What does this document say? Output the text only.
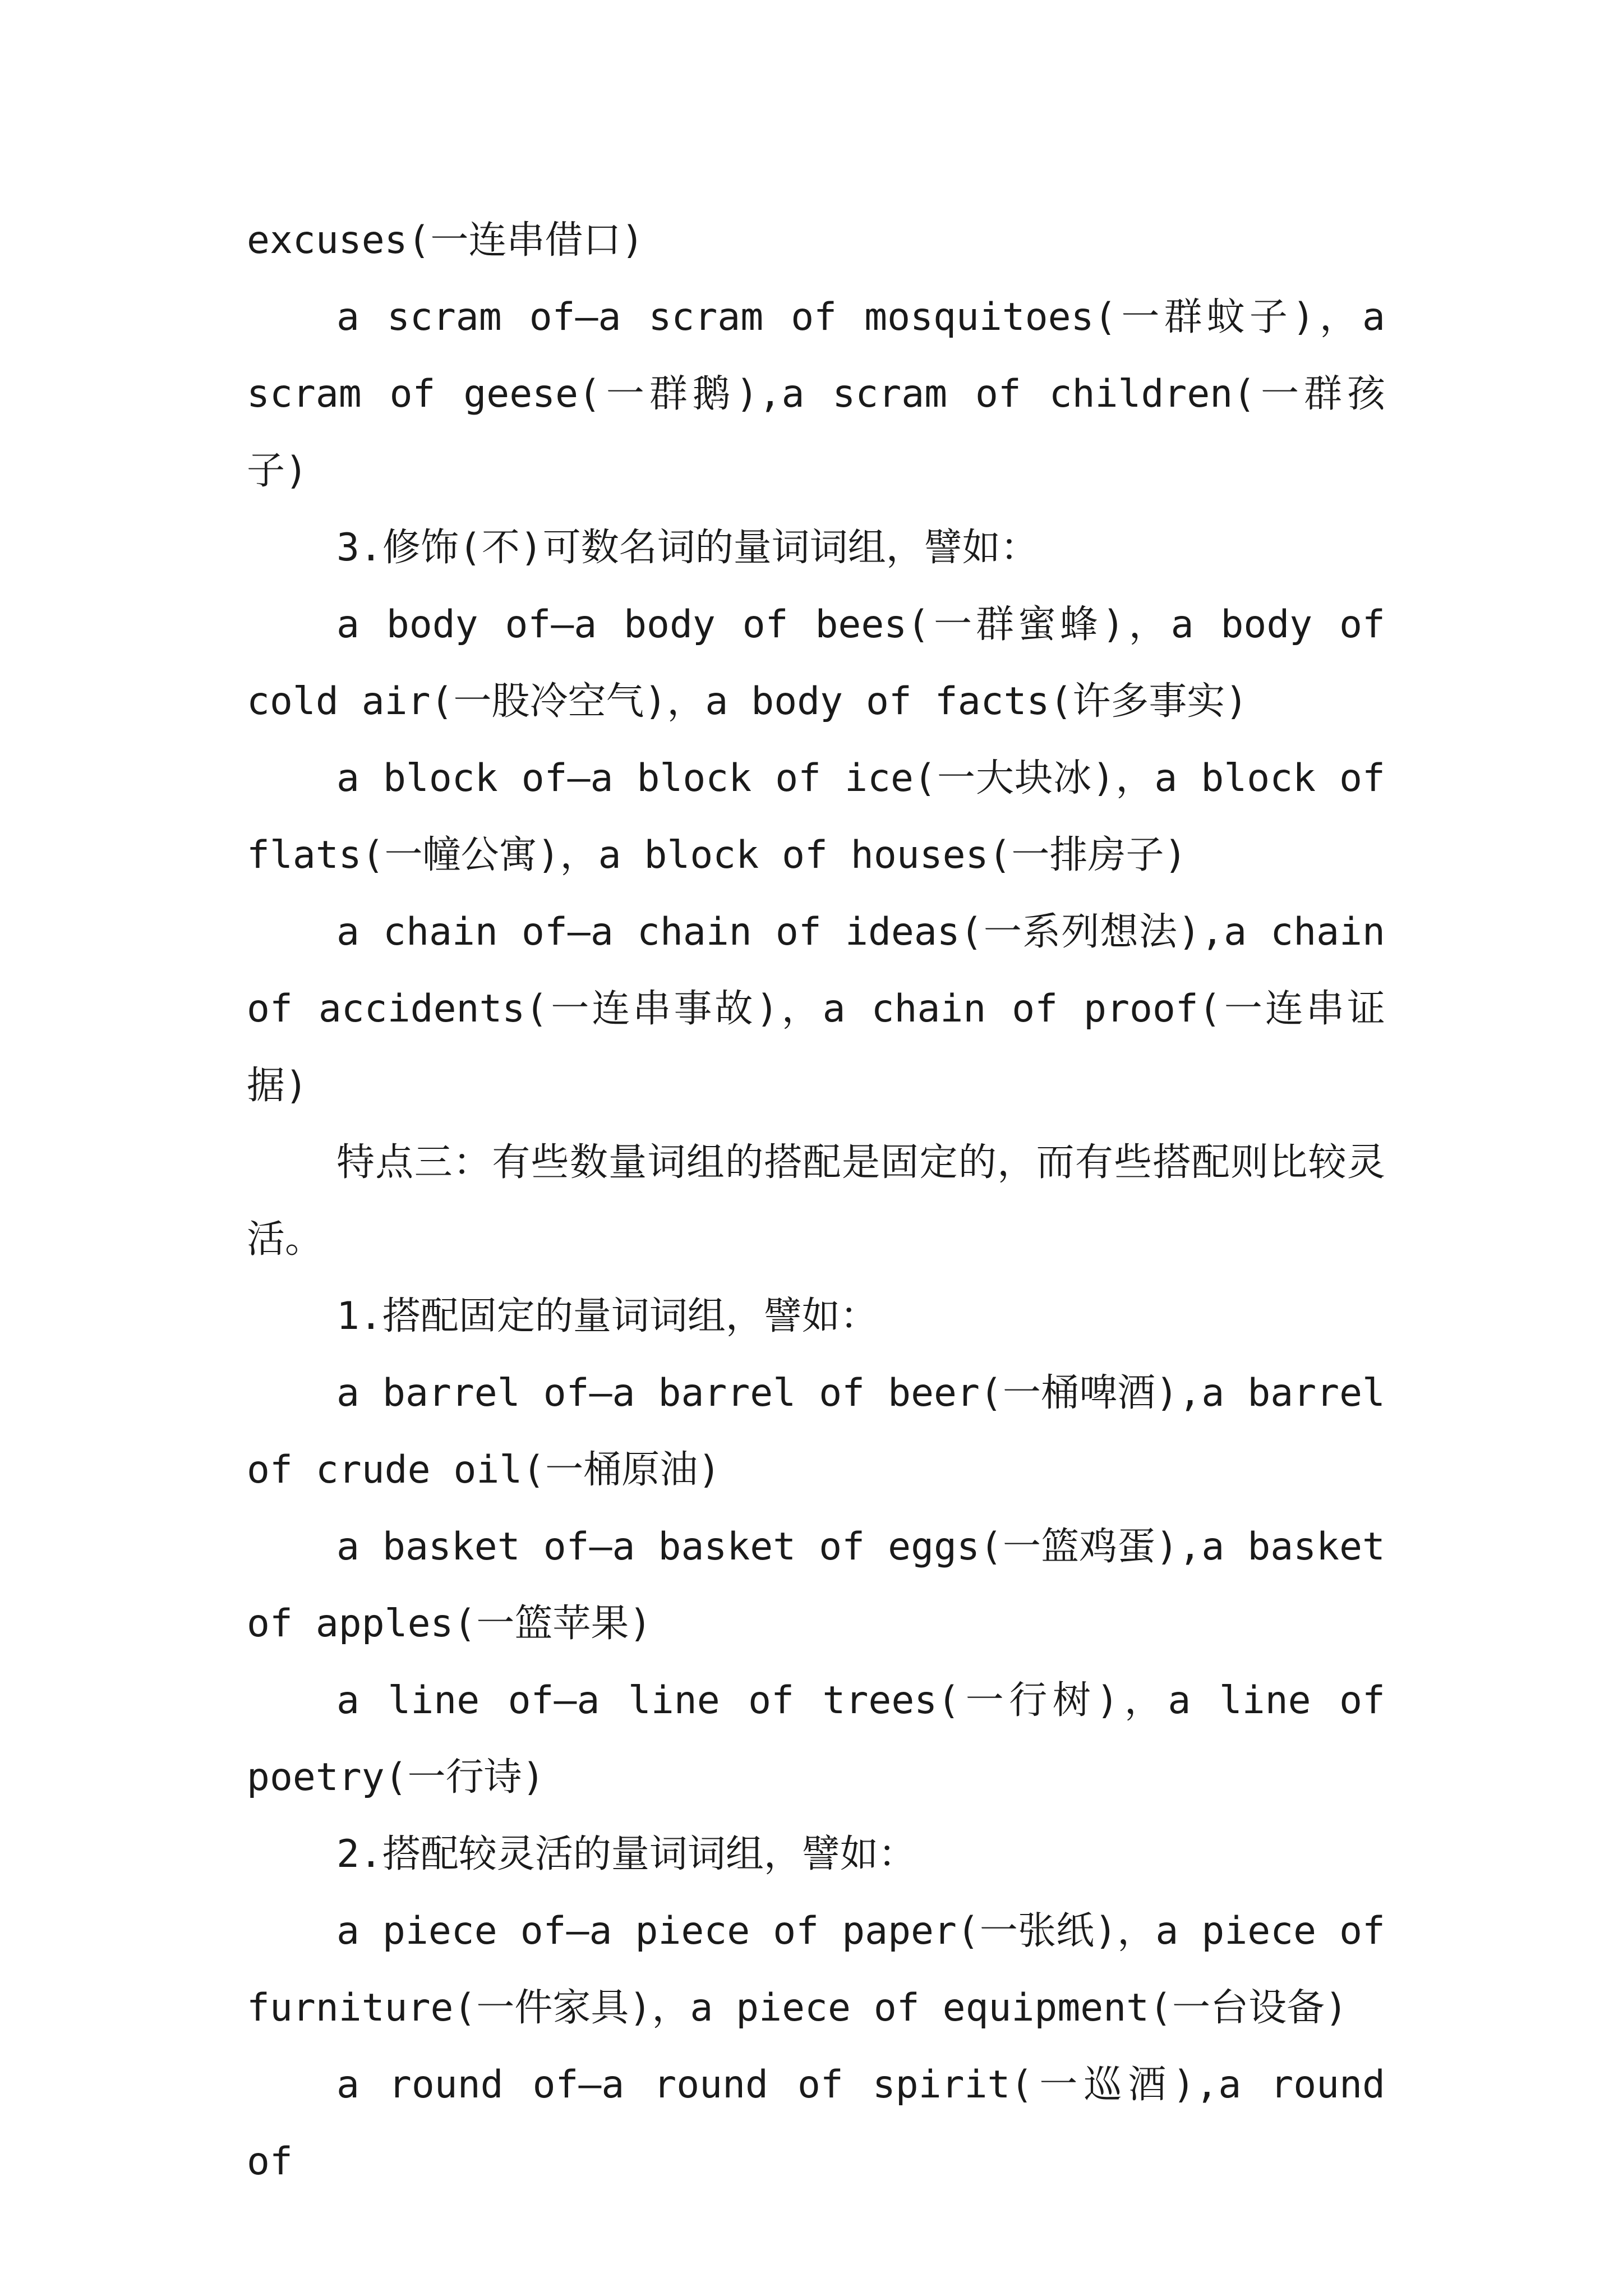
excuses(一连串借口)

a scram of—a scram of mosquitoes(一群蚊子)，a scram of geese(一群鹅),a scram of children(一群孩子)

3.修饰(不)可数名词的量词词组，譬如：

a body of—a body of bees(一群蜜蜂)，a body of cold air(一股冷空气)，a body of facts(许多事实)

a block of—a block of ice(一大块冰)，a block of flats(一幢公寓)，a block of houses(一排房子)

a chain of—a chain of ideas(一系列想法),a chain of accidents(一连串事故)，a chain of proof(一连串证据)

特点三：有些数量词组的搭配是固定的，而有些搭配则比较灵活。

1.搭配固定的量词词组，譬如：

a barrel of—a barrel of beer(一桶啤酒),a barrel of crude oil(一桶原油)

a basket of—a basket of eggs(一篮鸡蛋),a basket of apples(一篮苹果)

a line of—a line of trees(一行树)，a line of poetry(一行诗)

2.搭配较灵活的量词词组，譬如：

a piece of—a piece of paper(一张纸)，a piece of furniture(一件家具)，a piece of equipment(一台设备)

a round of—a round of spirit(一巡酒),a round of
